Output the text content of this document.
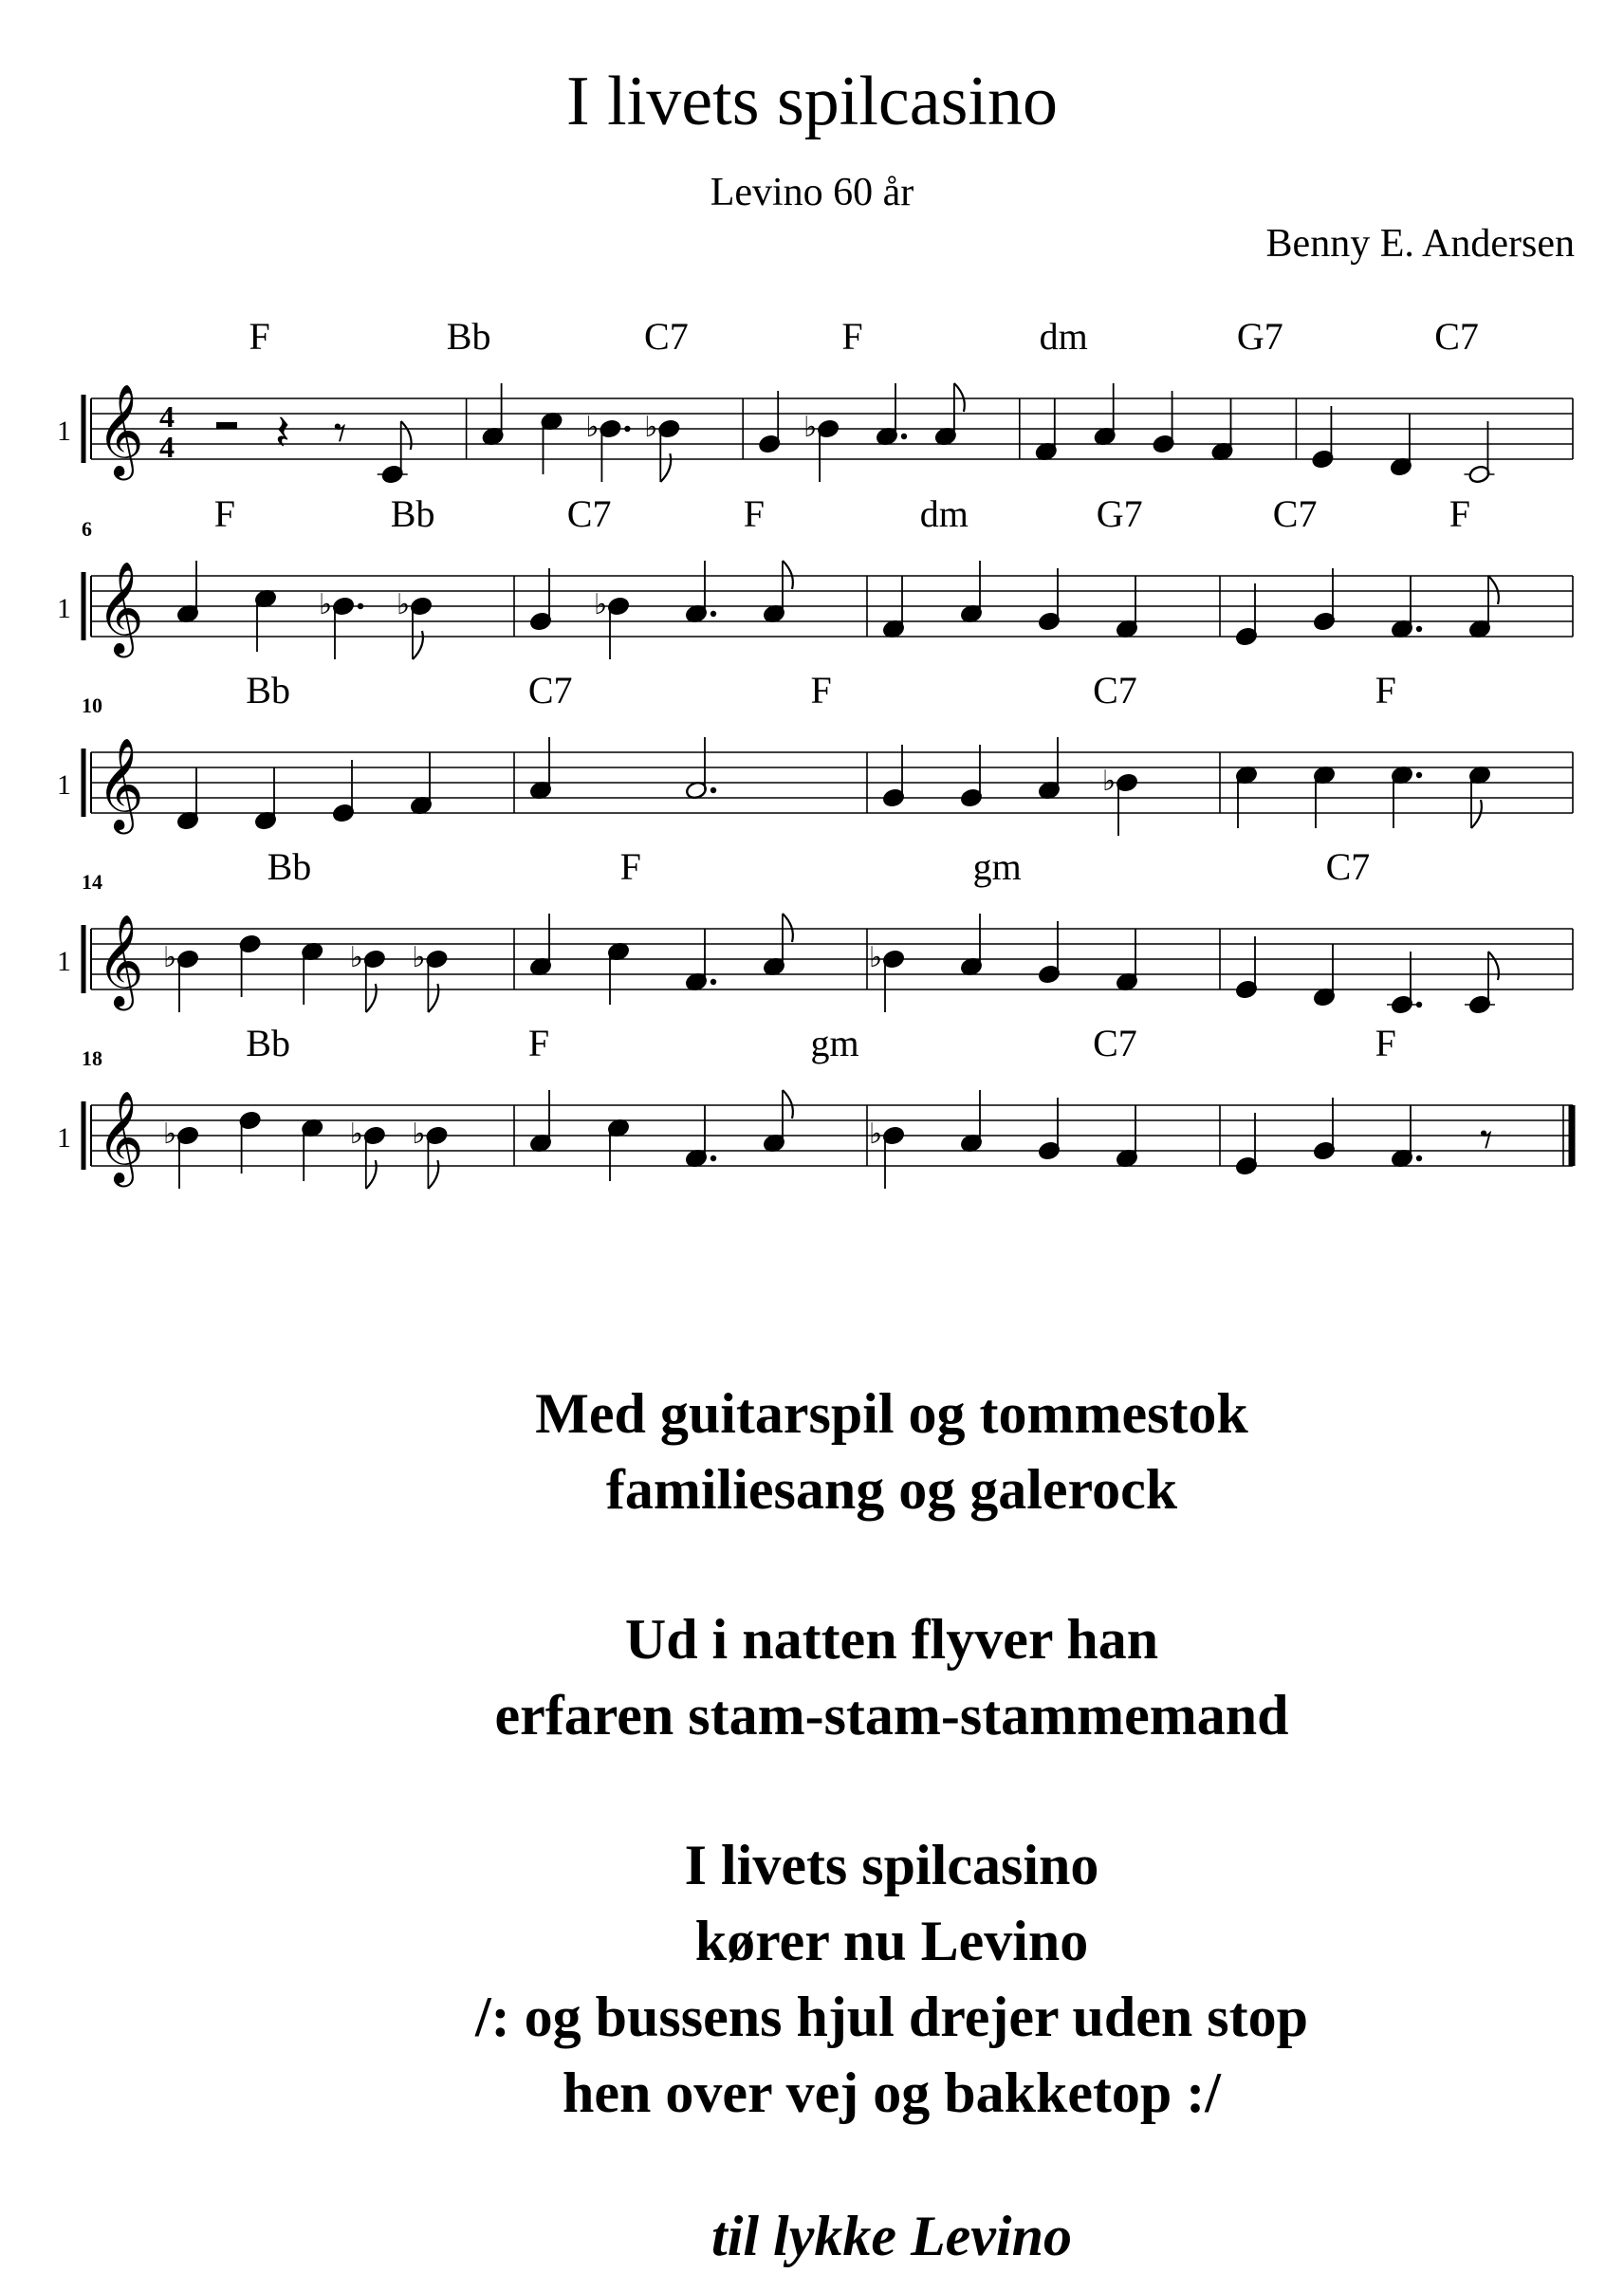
I livets spilcasino
Levino 60 år
Benny E. Andersen
1 𝄞 4
4
F	Bb	C7	F	dm	G7	C7
𝄽 𝄾	♭ ♭	♭
1
6
𝄞
F	Bb	C7	F	dm	G7	C7	F
♭ ♭	♭
1
10
𝄞
Bb	C7	F	C7	F
♭
1
14
𝄞
Bb	F	gm	C7
♭	♭ ♭	♭
1
18
𝄞
Bb	F	gm	C7	F
♭	♭ ♭	♭	𝄾
Med guitarspil og tommestok
familiesang og galerock
Ud i natten flyver han
erfaren stam-stam-stammemand
I livets spilcasino
kører nu Levino
/: og bussens hjul drejer uden stop
hen over vej og bakketop :/
til lykke Levino
